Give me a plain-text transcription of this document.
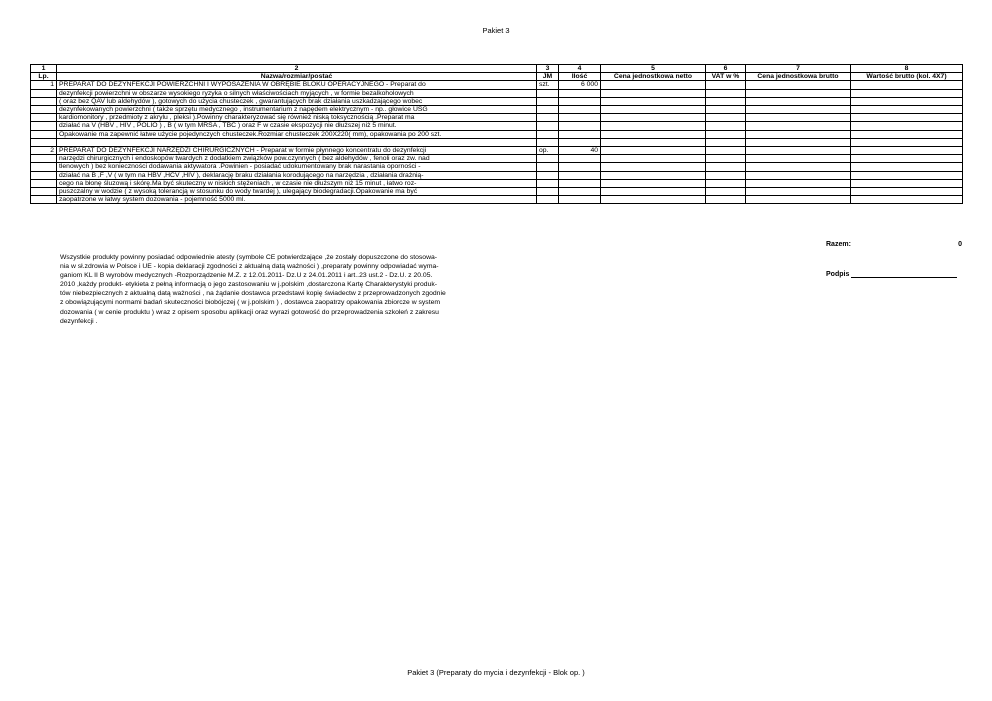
Pakiet 3
1	2	3	4	5	6	7	8
Lp.	Nazwa/rozmiar/postać	JM	Ilość	Cena jednostkowa netto	VAT w %	Cena jednostkowa brutto	Wartość brutto (kol. 4X7)
1	PREPARAT DO DEZYNFEKCJI POWIERZCHNI I WYPOSAŻENIA W OBRĘBIE BLOKU OPERACYJNEGO - Preparat do	szt.	6 000				
	dezynfekcji powierzchni w obszarze wysokiego ryzyka o silnych właściwościach myjących , w formie bezalkoholowych						
	( oraz bez QAV lub aldehydów ), gotowych do użycia chusteczek , gwarantujących brak działania uszkadzającego wobec						
	dezynfekowanych powierzchni ( także sprzętu medycznego , instrumentarium z napędem elektrycznym - np.. głowice USG						
	kardiomonitory , przedmioty z akrylu , pleksi ).Powinny charakteryzować się również niską toksycznością .Preparat ma						
	działać na V (HBV , HIV , POLIO ) , B ( w tym MRSA , TBC ) oraz F w czasie ekspozycji nie dłuższej niż 5 minut.						
	Opakowanie ma zapewnić łatwe użycie pojedynczych chusteczek.Rozmiar chusteczek 200X220( mm), opakowania po 200 szt.						

2	PREPARAT DO DEZYNFEKCJI NARZĘDZI CHIRURGICZNYCH - Preparat w formie płynnego koncentratu do dezynfekcji	op.	40				
	narzędzi chirurgicznych i endoskopów twardych z dodatkiem związków pow.czynnych ( bez aldehydów , fenoli oraz zw. nad						
	tlenowych ) bez konieczności dodawania aktywatora .Powinien - posiadać udokumentowany brak narastania oporności -						
	działać na B ,F ,V ( w tym na HBV ,HCV ,HIV ), deklarację braku działania korodującego na narzędzia , działania drażnią-						
	cego na błonę śluzową i skórę.Ma być skuteczny w niskich stężeniach , w czasie nie dłuższym niż 15 minut , łatwo roz-						
	puszczalny w wodzie ( z wysoką tolerancją w stosunku do wody twardej ), ulegający biodegradacji.Opakowanie ma być						
	zaopatrzone w łatwy system dozowania - pojemność 5000 ml.						
Razem:	0
Podpis
Wszystkie produkty powinny posiadać odpowiednie atesty (symbole CE potwierdzające ,że zostały dopuszczone do stosowa-
nia w sł.zdrowia w Polsce i UE - kopia deklaracji zgodności z aktualną datą ważności ) ,preparaty powinny odpowiadać wyma-
ganiom KL II B wyrobów medycznych -Rozporządzenie M.Z. z 12.01.2011- Dz.U z 24.01.2011 i art..23 ust.2 - Dz.U. z 20.05.
2010 ,każdy produkt- etykieta z pełną informacją o jego zastosowaniu w j.polskim ,dostarczona Kartę Charakterystyki produk-
tów niebezpiecznych z aktualną datą ważności , na żądanie dostawca przedstawi kopię świadectw z przeprowadzonych zgodnie
z obowiązującymi normami badań skuteczności biobójczej ( w j.polskim ) , dostawca zaopatrzy opakowania zbiorcze w system
dozowania ( w cenie produktu ) wraz z opisem sposobu aplikacji oraz wyrazi gotowość do przeprowadzenia szkoleń z zakresu
dezynfekcji .
Pakiet 3 (Preparaty do mycia i dezynfekcji - Blok op. )
